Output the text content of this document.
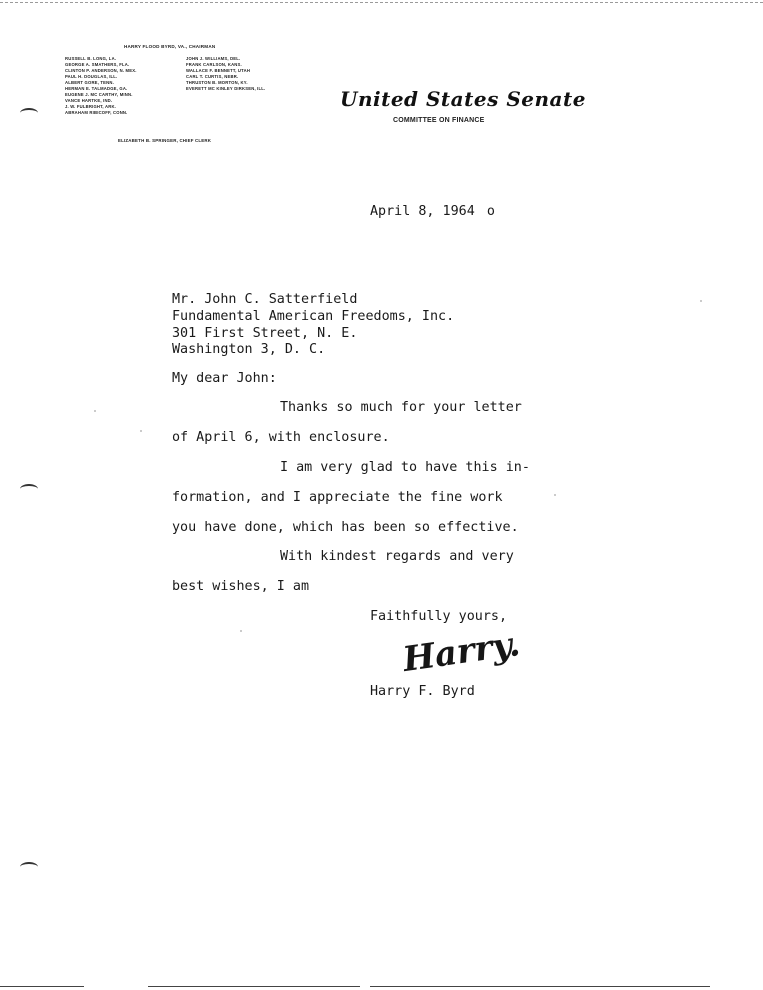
HARRY FLOOD BYRD, VA., CHAIRMAN
RUSSELL B. LONG, LA.
GEORGE A. SMATHERS, FLA.
CLINTON P. ANDERSON, N. MEX.
PAUL H. DOUGLAS, ILL.
ALBERT GORE, TENN.
HERMAN E. TALMADGE, GA.
EUGENE J. MC CARTHY, MINN.
VANCE HARTKE, IND.
J. W. FULBRIGHT, ARK.
ABRAHAM RIBICOFF, CONN.
JOHN J. WILLIAMS, DEL.
FRANK CARLSON, KANS.
WALLACE F. BENNETT, UTAH
CARL T. CURTIS, NEBR.
THRUSTON B. MORTON, KY.
EVERETT MC KINLEY DIRKSEN, ILL.
ELIZABETH B. SPRINGER, CHIEF CLERK
United States Senate
COMMITTEE ON FINANCE
April 8, 1964 o
Mr. John C. Satterfield
Fundamental American Freedoms, Inc.
301 First Street, N. E.
Washington 3, D. C.
My dear John:
Thanks so much for your letter
of April 6, with enclosure.
I am very glad to have this in-
formation, and I appreciate the fine work
you have done, which has been so effective.
With kindest regards and very
best wishes, I am
Faithfully yours,
Harry.
Harry F. Byrd
